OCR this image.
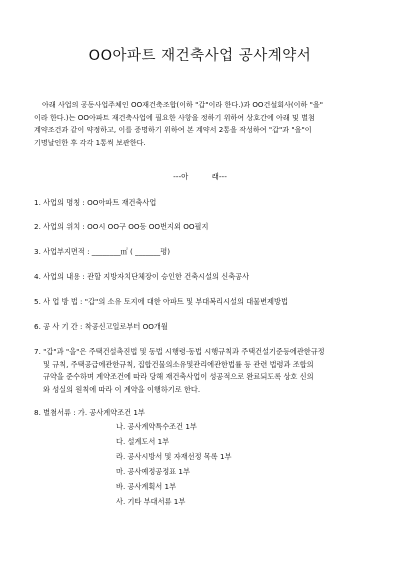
OO아파트 재건축사업 공사계약서
아래 사업의 공동사업주체인 OO재건축조합(이하 "갑"이라 한다.)과 OO건설회사(이하 "을"
이라 한다.)는 OO아파트 재건축사업에 필요한 사항을 정하기 위하여 상호간에 아래 및 별첨
계약조건과 같이 약정하고, 이를 증명하기 위하여 본 계약서 2통을 작성하여 "갑"과 "을"이
기명날인한 후 각각 1통씩 보관한다.
---아          래---
1. 사업의 명칭 : OO아파트 재건축사업
2. 사업의 위치 : OO시 OO구 OO동 OO번지외 OO필지
3. 사업부지면적 : ________㎡ ( _______평)
4. 사업의 내용 : 관할 지방자치단체장이 승인한 건축시설의 신축공사
5. 사 업 방 법 : "갑"의 소유 토지에 대한 아파트 및 부대복리시설의 대물변제방법
6. 공 사 기 간 : 착공신고일로부터 OO개월
7. "갑"과 "을"은 주택건설촉진법 및 동법 시행령·동법 시행규칙과 주택건설기준등에관한규정
및 규칙, 주택공급에관한규칙, 집합건물의소유및관리에관한법률 등 관련 법령과 조합의
규약을 준수하며 계약조건에 따라 당해 재건축사업이 성공적으로 완료되도록 상호 신의
와 성실의 원칙에 따라 이 계약을 이행하기로 한다.
8. 별첨서류 : 가. 공사계약조건 1부
나. 공사계약특수조건 1부
다. 설계도서 1부
라. 공사시방서 및 자재선정 목록 1부
마. 공사예정공정표 1부
바. 공사계획서 1부
사. 기타 부대서류 1부
